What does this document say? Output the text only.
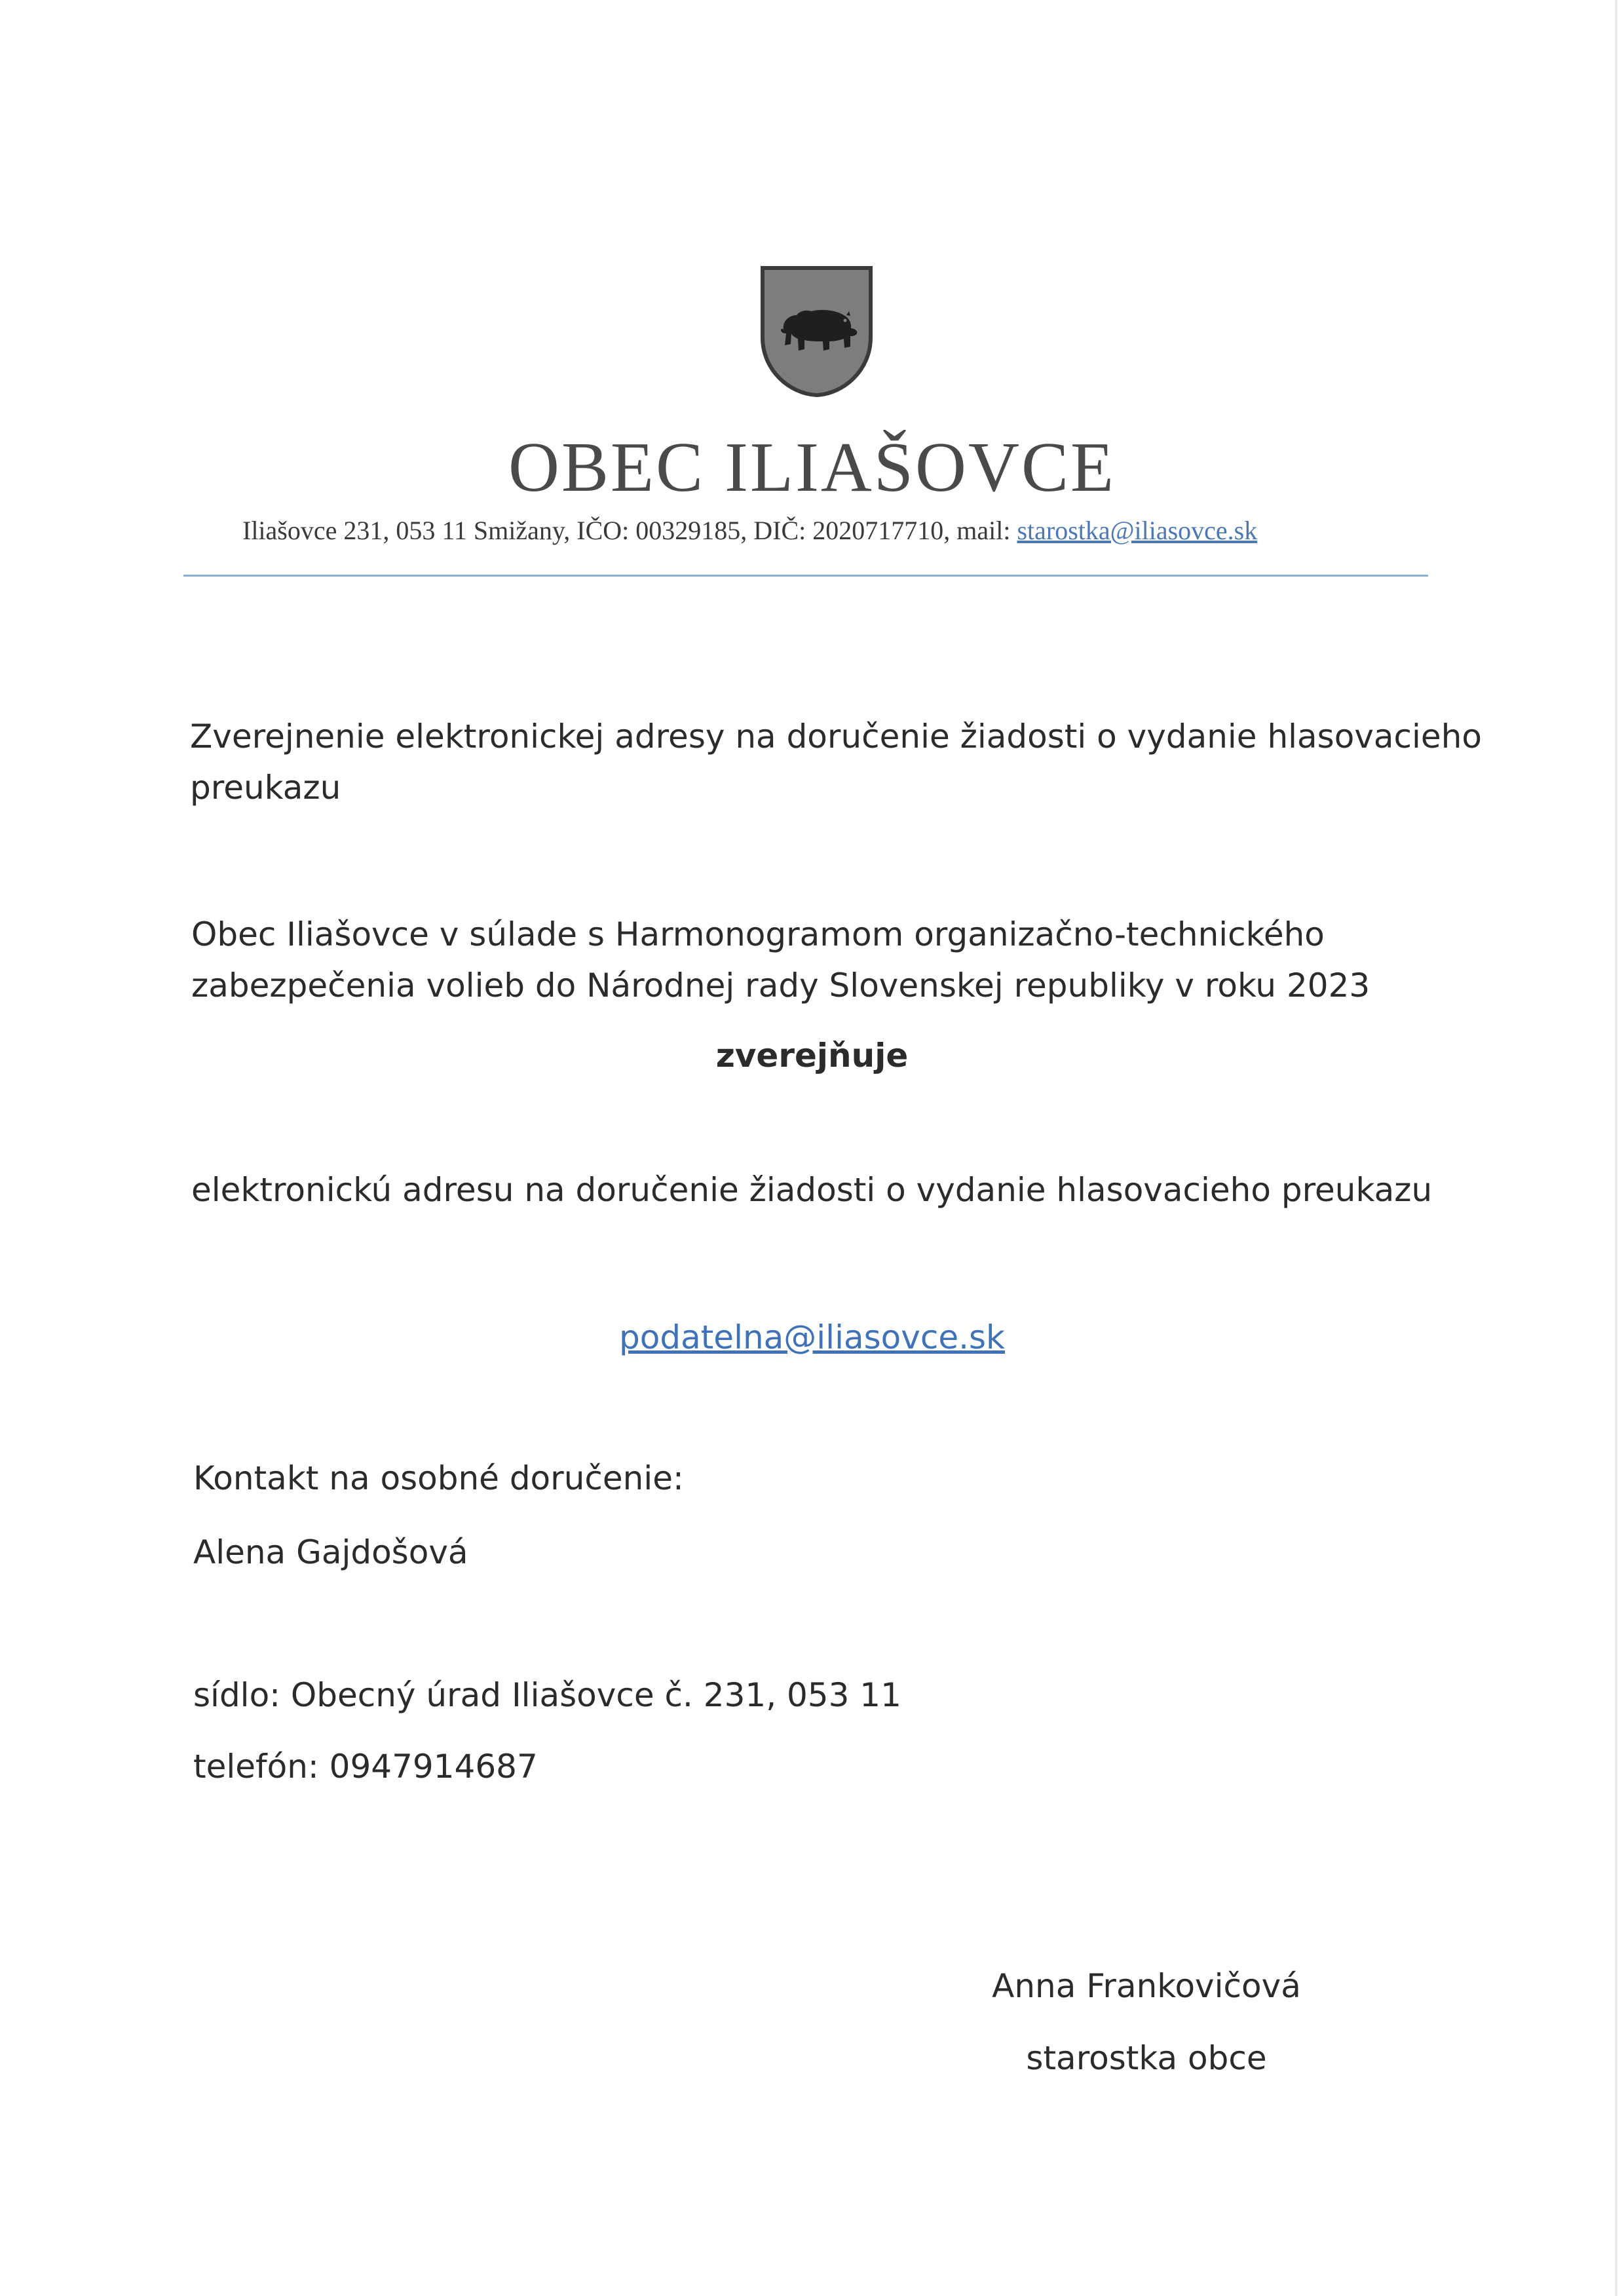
OBEC ILIAŠOVCE
Iliašovce 231, 053 11 Smižany, IČO: 00329185, DIČ: 2020717710, mail: starostka@iliasovce.sk
Zverejnenie elektronickej adresy na doručenie žiadosti o vydanie hlasovacieho
preukazu
Obec Iliašovce v súlade s Harmonogramom organizačno-technického
zabezpečenia volieb do Národnej rady Slovenskej republiky v roku 2023
zverejňuje
elektronickú adresu na doručenie žiadosti o vydanie hlasovacieho preukazu
podatelna@iliasovce.sk
Kontakt na osobné doručenie:
Alena Gajdošová
sídlo: Obecný úrad Iliašovce č. 231, 053 11
telefón: 0947914687
Anna Frankovičová
starostka obce
